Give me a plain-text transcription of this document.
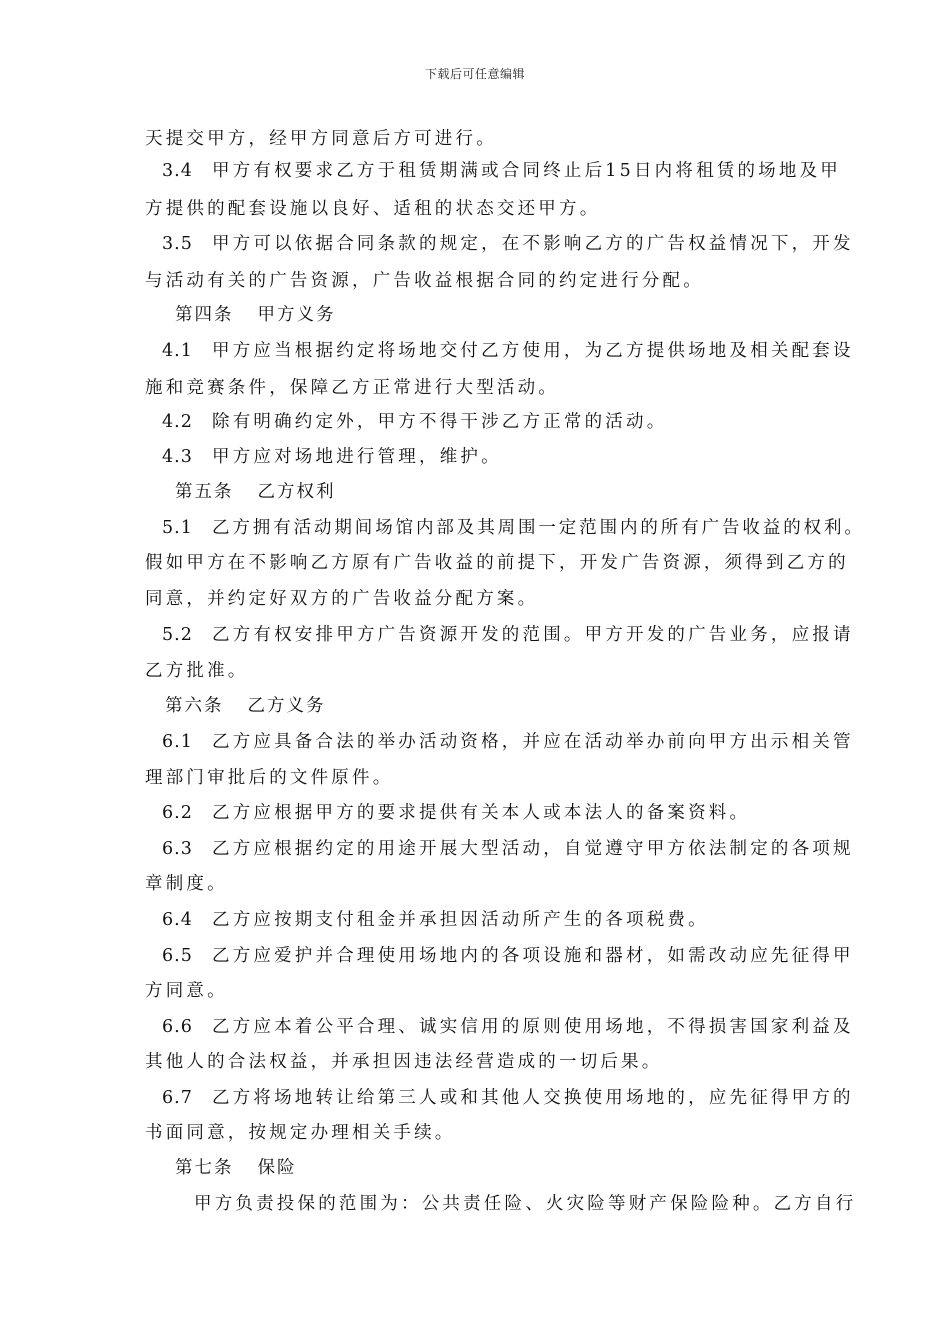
下载后可任意编辑
天提交甲方，经甲方同意后方可进行。
3.4 甲方有权要求乙方于租赁期满或合同终止后15日内将租赁的场地及甲
方提供的配套设施以良好、适租的状态交还甲方。
3.5 甲方可以依据合同条款的规定，在不影响乙方的广告权益情况下，开发
与活动有关的广告资源，广告收益根据合同的约定进行分配。
第四条 甲方义务
4.1 甲方应当根据约定将场地交付乙方使用，为乙方提供场地及相关配套设
施和竞赛条件，保障乙方正常进行大型活动。
4.2 除有明确约定外，甲方不得干涉乙方正常的活动。
4.3 甲方应对场地进行管理，维护。
第五条 乙方权利
5.1 乙方拥有活动期间场馆内部及其周围一定范围内的所有广告收益的权利。
假如甲方在不影响乙方原有广告收益的前提下，开发广告资源，须得到乙方的
同意，并约定好双方的广告收益分配方案。
5.2 乙方有权安排甲方广告资源开发的范围。甲方开发的广告业务，应报请
乙方批准。
第六条 乙方义务
6.1 乙方应具备合法的举办活动资格，并应在活动举办前向甲方出示相关管
理部门审批后的文件原件。
6.2 乙方应根据甲方的要求提供有关本人或本法人的备案资料。
6.3 乙方应根据约定的用途开展大型活动，自觉遵守甲方依法制定的各项规
章制度。
6.4 乙方应按期支付租金并承担因活动所产生的各项税费。
6.5 乙方应爱护并合理使用场地内的各项设施和器材，如需改动应先征得甲
方同意。
6.6 乙方应本着公平合理、诚实信用的原则使用场地，不得损害国家利益及
其他人的合法权益，并承担因违法经营造成的一切后果。
6.7 乙方将场地转让给第三人或和其他人交换使用场地的，应先征得甲方的
书面同意，按规定办理相关手续。
第七条 保险
甲方负责投保的范围为：公共责任险、火灾险等财产保险险种。乙方自行
